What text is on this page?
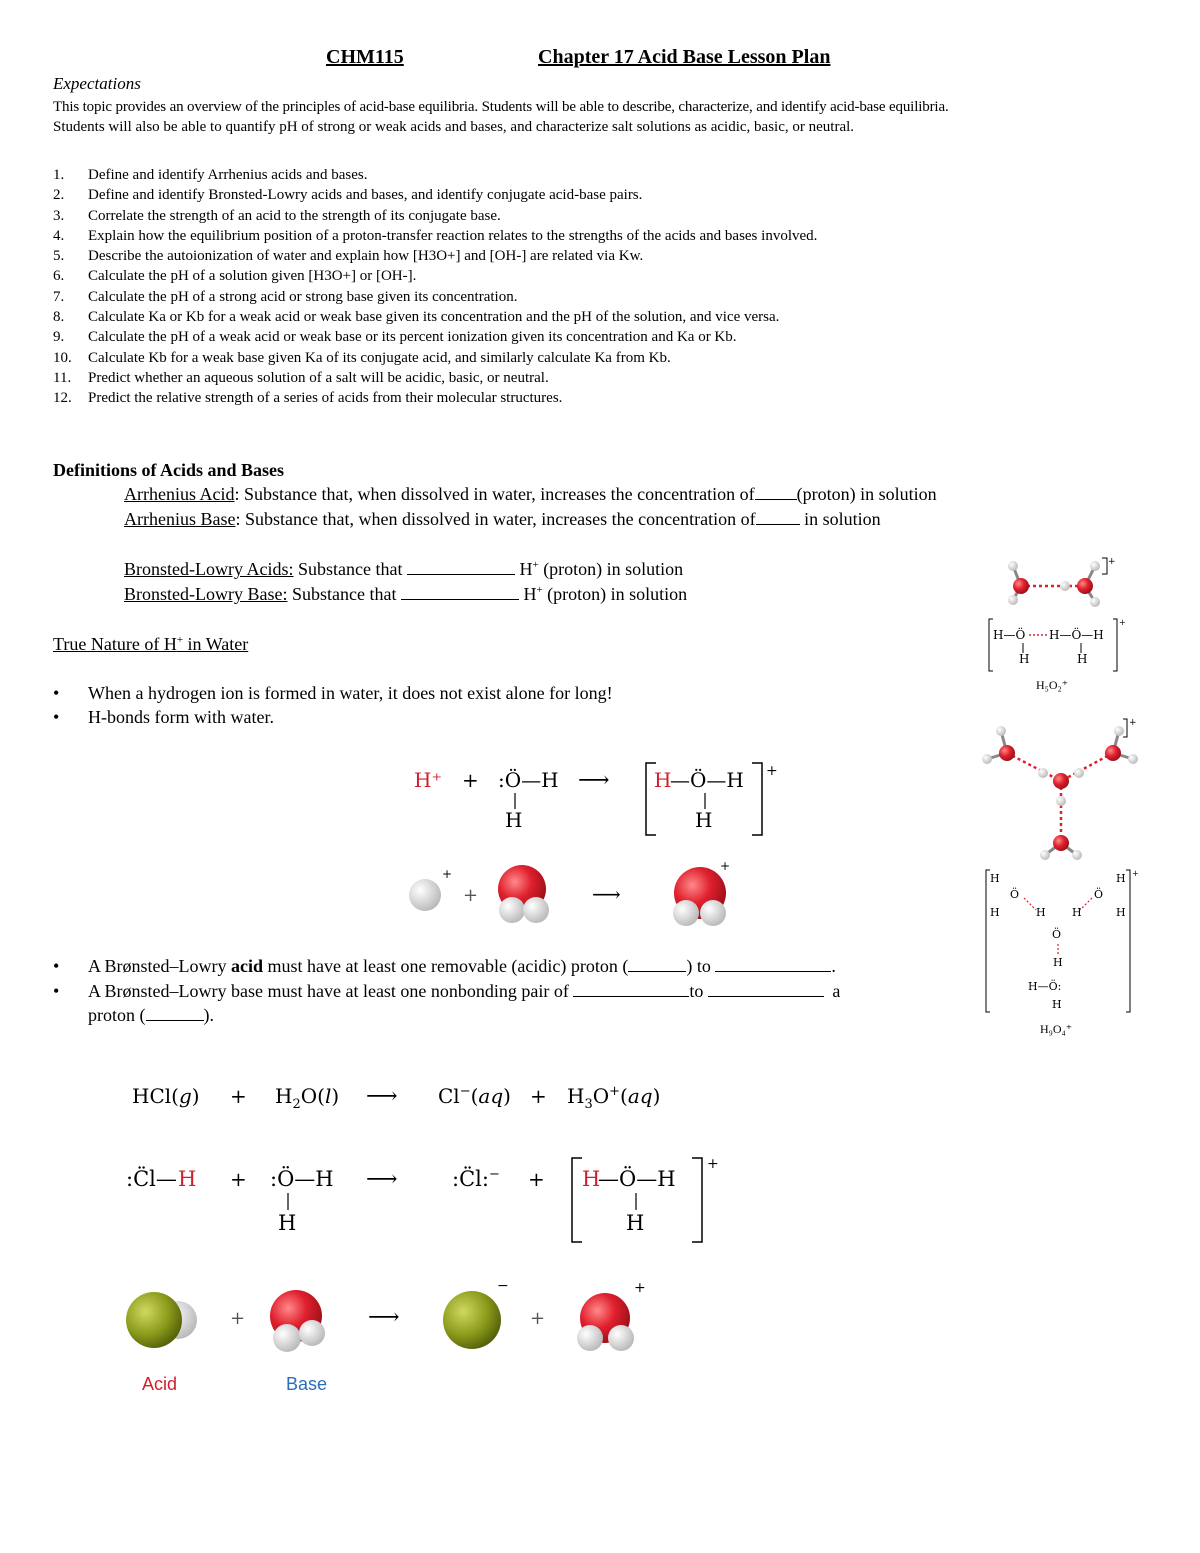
CHM115	Chapter 17 Acid Base Lesson Plan
Expectations
This topic provides an overview of the principles of acid-base equilibria. Students will be able to describe, characterize, and identify acid-base equilibria.
Students will also be able to quantify pH of strong or weak acids and bases, and characterize salt solutions as acidic, basic, or neutral.
1. Define and identify Arrhenius acids and bases.
2. Define and identify Bronsted-Lowry acids and bases, and identify conjugate acid-base pairs.
3. Correlate the strength of an acid to the strength of its conjugate base.
4. Explain how the equilibrium position of a proton-transfer reaction relates to the strengths of the acids and bases involved.
5. Describe the autoionization of water and explain how [H3O+] and [OH-] are related via Kw.
6. Calculate the pH of a solution given [H3O+] or [OH-].
7. Calculate the pH of a strong acid or strong base given its concentration.
8. Calculate Ka or Kb for a weak acid or weak base given its concentration and the pH of the solution, and vice versa.
9. Calculate the pH of a weak acid or weak base or its percent ionization given its concentration and Ka or Kb.
10. Calculate Kb for a weak base given Ka of its conjugate acid, and similarly calculate Ka from Kb.
11. Predict whether an aqueous solution of a salt will be acidic, basic, or neutral.
12. Predict the relative strength of a series of acids from their molecular structures.
Definitions of Acids and Bases
Arrhenius Acid: Substance that, when dissolved in water, increases the concentration of (proton) in solution
Arrhenius Base: Substance that, when dissolved in water, increases the concentration of	in solution
Bronsted-Lowry Acids: Substance that	H+ (proton) in solution
Bronsted-Lowry Base: Substance that	H+ (proton) in solution
True Nature of H+ in Water
• When a hydrogen ion is formed in water, it does not exist alone for long!
• H-bonds form with water.
H⁺ + :Ö—H
H
⟶ H
—Ö—H
H
+
+
+	⟶
+
• A Brønsted–Lowry acid must have at least one removable (acidic) proton (	) to	.
• A Brønsted–Lowry base must have at least one nonbonding pair of	to	a
proton (	).
$HCl(g) + H_2O(l)$ ⟶ $Cl^-(aq) + H_3O^+(aq)$
:C̈l— H + :Ö—H
H
⟶	:C̈l:− + H
—Ö—H
H
+
+	⟶
−
+
+
Acid	Base
+
H—Ö H—Ö—H
H	H
+
H₅O₂⁺
+
H
Ö
H	H
Ö
H
Ö
H
H
H
H—Ö:
H
+
H₉O₄⁺
